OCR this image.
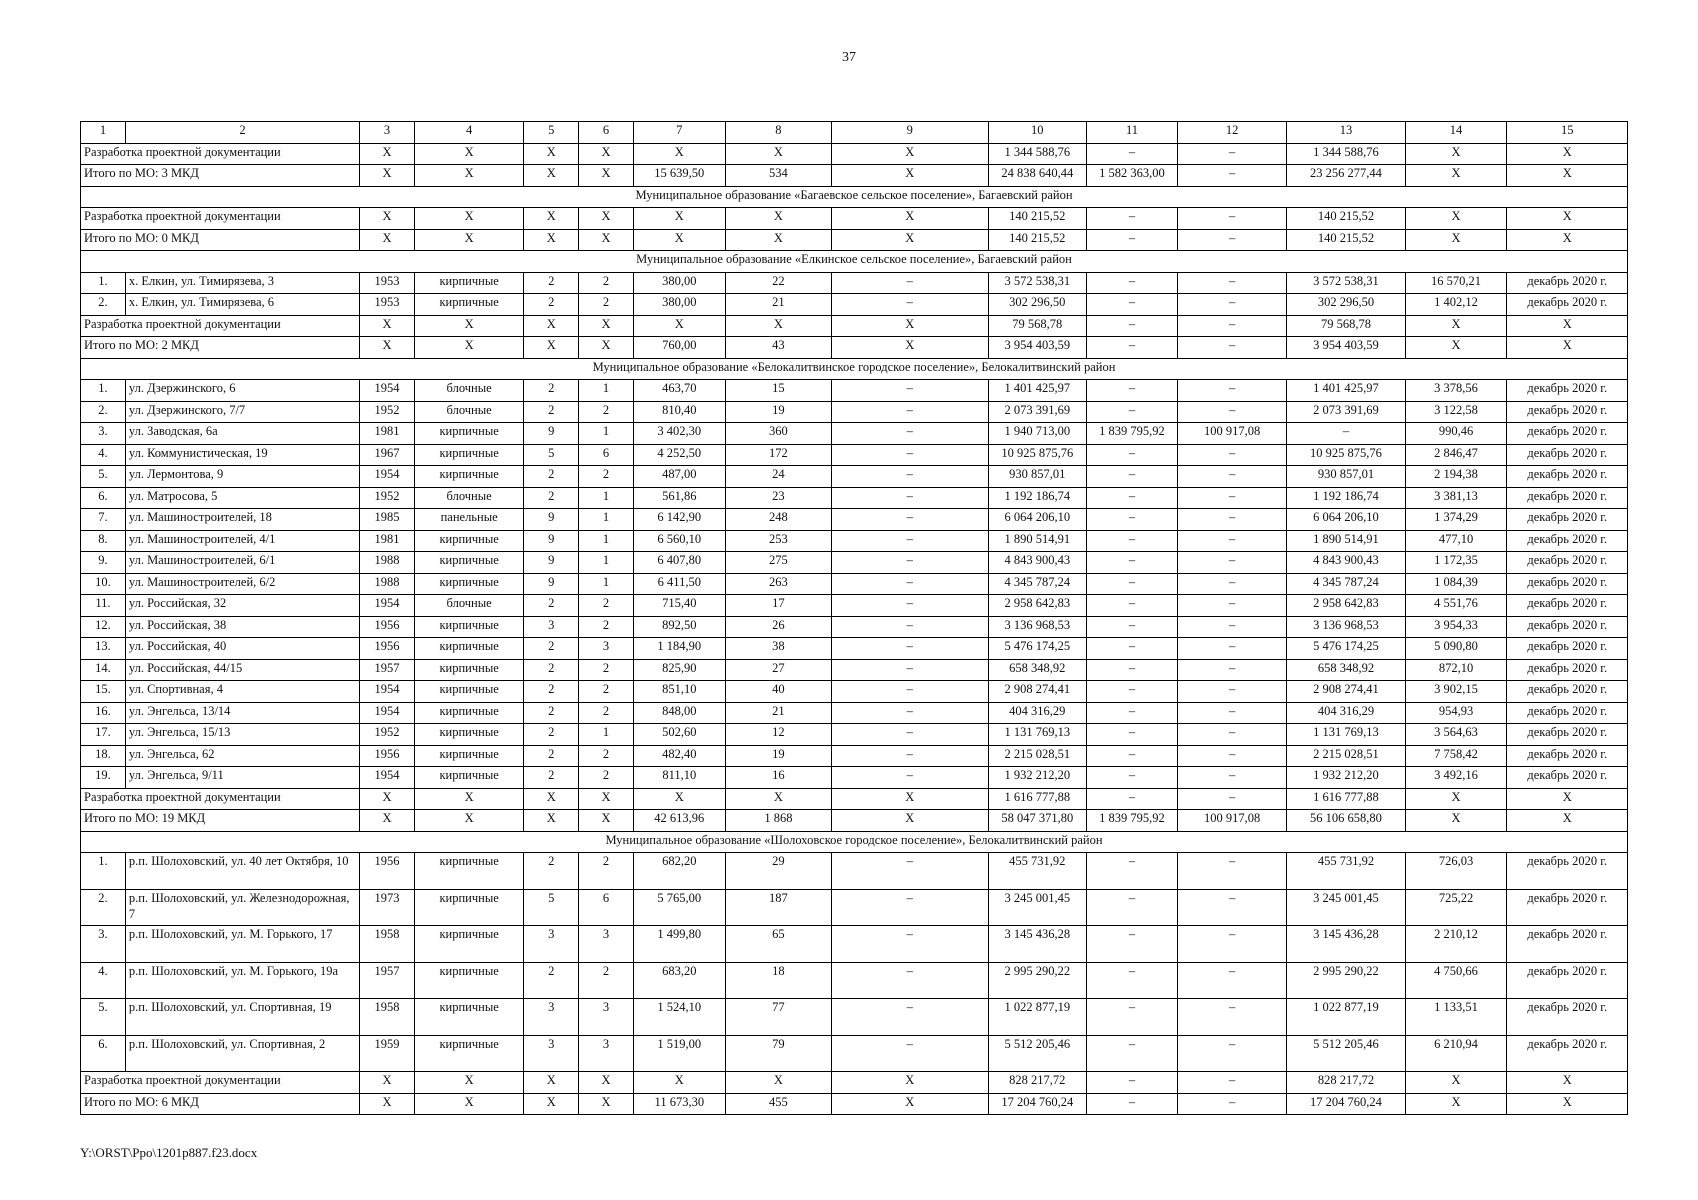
37
1	2	3	4	5	6	7	8	9	10	11	12	13	14	15
Разработка проектной документации		X	X	X	X	X	X	X	1 344 588,76	–	–	1 344 588,76	X	X
Итого по МО: 3 МКД		X	X	X	X	15 639,50	534	X	24 838 640,44	1 582 363,00	–	23 256 277,44	X	X
Муниципальное образование «Багаевское сельское поселение», Багаевский район														
Разработка проектной документации		X	X	X	X	X	X	X	140 215,52	–	–	140 215,52	X	X
Итого по МО: 0 МКД		X	X	X	X	X	X	X	140 215,52	–	–	140 215,52	X	X
Муниципальное образование «Елкинское сельское поселение», Багаевский район														
1.	х. Елкин, ул. Тимирязева, 3	1953	кирпичные	2	2	380,00	22	–	3 572 538,31	–	–	3 572 538,31	16 570,21	декабрь 2020 г.
2.	х. Елкин, ул. Тимирязева, 6	1953	кирпичные	2	2	380,00	21	–	302 296,50	–	–	302 296,50	1 402,12	декабрь 2020 г.
Разработка проектной документации		X	X	X	X	X	X	X	79 568,78	–	–	79 568,78	X	X
Итого по МО: 2 МКД		X	X	X	X	760,00	43	X	3 954 403,59	–	–	3 954 403,59	X	X
Муниципальное образование «Белокалитвинское городское поселение», Белокалитвинский район														
1.	ул. Дзержинского, 6	1954	блочные	2	1	463,70	15	–	1 401 425,97	–	–	1 401 425,97	3 378,56	декабрь 2020 г.
2.	ул. Дзержинского, 7/7	1952	блочные	2	2	810,40	19	–	2 073 391,69	–	–	2 073 391,69	3 122,58	декабрь 2020 г.
3.	ул. Заводская, 6а	1981	кирпичные	9	1	3 402,30	360	–	1 940 713,00	1 839 795,92	100 917,08	–	990,46	декабрь 2020 г.
4.	ул. Коммунистическая, 19	1967	кирпичные	5	6	4 252,50	172	–	10 925 875,76	–	–	10 925 875,76	2 846,47	декабрь 2020 г.
5.	ул. Лермонтова, 9	1954	кирпичные	2	2	487,00	24	–	930 857,01	–	–	930 857,01	2 194,38	декабрь 2020 г.
6.	ул. Матросова, 5	1952	блочные	2	1	561,86	23	–	1 192 186,74	–	–	1 192 186,74	3 381,13	декабрь 2020 г.
7.	ул. Машиностроителей, 18	1985	панельные	9	1	6 142,90	248	–	6 064 206,10	–	–	6 064 206,10	1 374,29	декабрь 2020 г.
8.	ул. Машиностроителей, 4/1	1981	кирпичные	9	1	6 560,10	253	–	1 890 514,91	–	–	1 890 514,91	477,10	декабрь 2020 г.
9.	ул. Машиностроителей, 6/1	1988	кирпичные	9	1	6 407,80	275	–	4 843 900,43	–	–	4 843 900,43	1 172,35	декабрь 2020 г.
10.	ул. Машиностроителей, 6/2	1988	кирпичные	9	1	6 411,50	263	–	4 345 787,24	–	–	4 345 787,24	1 084,39	декабрь 2020 г.
11.	ул. Российская, 32	1954	блочные	2	2	715,40	17	–	2 958 642,83	–	–	2 958 642,83	4 551,76	декабрь 2020 г.
12.	ул. Российская, 38	1956	кирпичные	3	2	892,50	26	–	3 136 968,53	–	–	3 136 968,53	3 954,33	декабрь 2020 г.
13.	ул. Российская, 40	1956	кирпичные	2	3	1 184,90	38	–	5 476 174,25	–	–	5 476 174,25	5 090,80	декабрь 2020 г.
14.	ул. Российская, 44/15	1957	кирпичные	2	2	825,90	27	–	658 348,92	–	–	658 348,92	872,10	декабрь 2020 г.
15.	ул. Спортивная, 4	1954	кирпичные	2	2	851,10	40	–	2 908 274,41	–	–	2 908 274,41	3 902,15	декабрь 2020 г.
16.	ул. Энгельса, 13/14	1954	кирпичные	2	2	848,00	21	–	404 316,29	–	–	404 316,29	954,93	декабрь 2020 г.
17.	ул. Энгельса, 15/13	1952	кирпичные	2	1	502,60	12	–	1 131 769,13	–	–	1 131 769,13	3 564,63	декабрь 2020 г.
18.	ул. Энгельса, 62	1956	кирпичные	2	2	482,40	19	–	2 215 028,51	–	–	2 215 028,51	7 758,42	декабрь 2020 г.
19.	ул. Энгельса, 9/11	1954	кирпичные	2	2	811,10	16	–	1 932 212,20	–	–	1 932 212,20	3 492,16	декабрь 2020 г.
Разработка проектной документации		X	X	X	X	X	X	X	1 616 777,88	–	–	1 616 777,88	X	X
Итого по МО: 19 МКД		X	X	X	X	42 613,96	1 868	X	58 047 371,80	1 839 795,92	100 917,08	56 106 658,80	X	X
Муниципальное образование «Шолоховское городское поселение», Белокалитвинский район														
1.	р.п. Шолоховский, ул. 40 лет Октября, 10	1956	кирпичные	2	2	682,20	29	–	455 731,92	–	–	455 731,92	726,03	декабрь 2020 г.
2.	р.п. Шолоховский, ул. Железнодорожная, 7	1973	кирпичные	5	6	5 765,00	187	–	3 245 001,45	–	–	3 245 001,45	725,22	декабрь 2020 г.
3.	р.п. Шолоховский, ул. М. Горького, 17	1958	кирпичные	3	3	1 499,80	65	–	3 145 436,28	–	–	3 145 436,28	2 210,12	декабрь 2020 г.
4.	р.п. Шолоховский, ул. М. Горького, 19а	1957	кирпичные	2	2	683,20	18	–	2 995 290,22	–	–	2 995 290,22	4 750,66	декабрь 2020 г.
5.	р.п. Шолоховский, ул. Спортивная, 19	1958	кирпичные	3	3	1 524,10	77	–	1 022 877,19	–	–	1 022 877,19	1 133,51	декабрь 2020 г.
6.	р.п. Шолоховский, ул. Спортивная, 2	1959	кирпичные	3	3	1 519,00	79	–	5 512 205,46	–	–	5 512 205,46	6 210,94	декабрь 2020 г.
Разработка проектной документации		X	X	X	X	X	X	X	828 217,72	–	–	828 217,72	X	X
Итого по МО: 6 МКД		X	X	X	X	11 673,30	455	X	17 204 760,24	–	–	17 204 760,24	X	X
Y:\ORST\Ppo\1201p887.f23.docx
